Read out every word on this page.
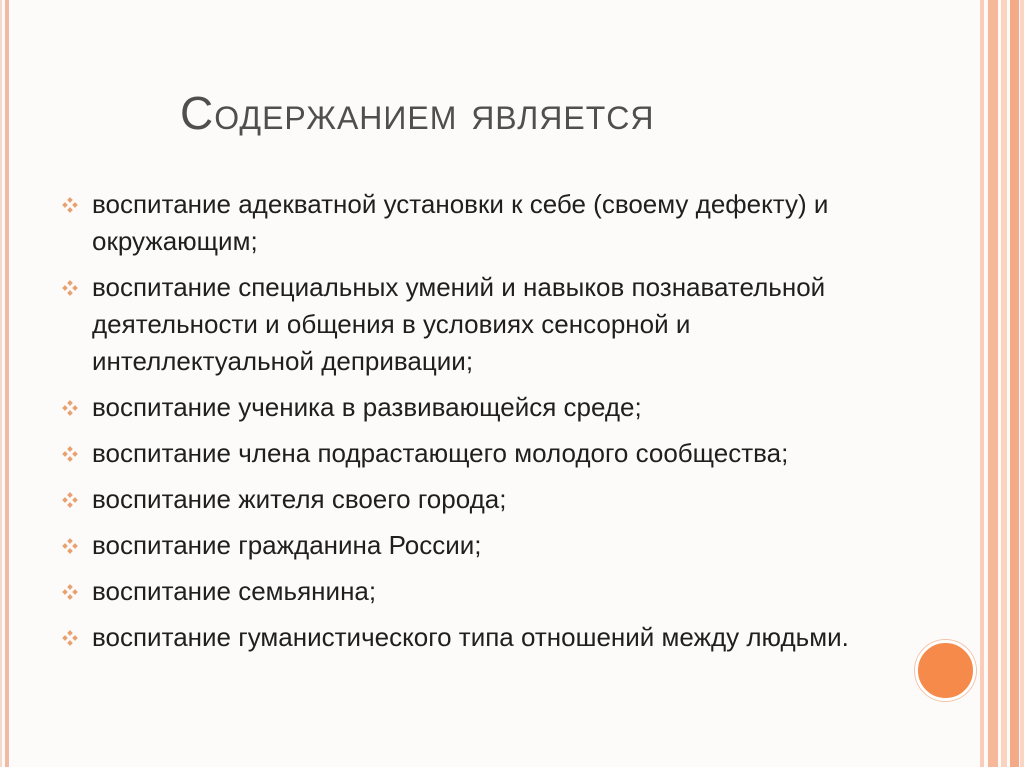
Содержанием является
воспитание адекватной установки к себе (своему дефекту) и окружающим;
воспитание специальных умений и навыков познавательной деятельности и общения в условиях сенсорной и интеллектуальной депривации;
воспитание ученика в развивающейся среде;
воспитание члена подрастающего молодого сообщества;
воспитание жителя своего города;
воспитание гражданина России;
воспитание семьянина;
воспитание гуманистического типа отношений между людьми.
